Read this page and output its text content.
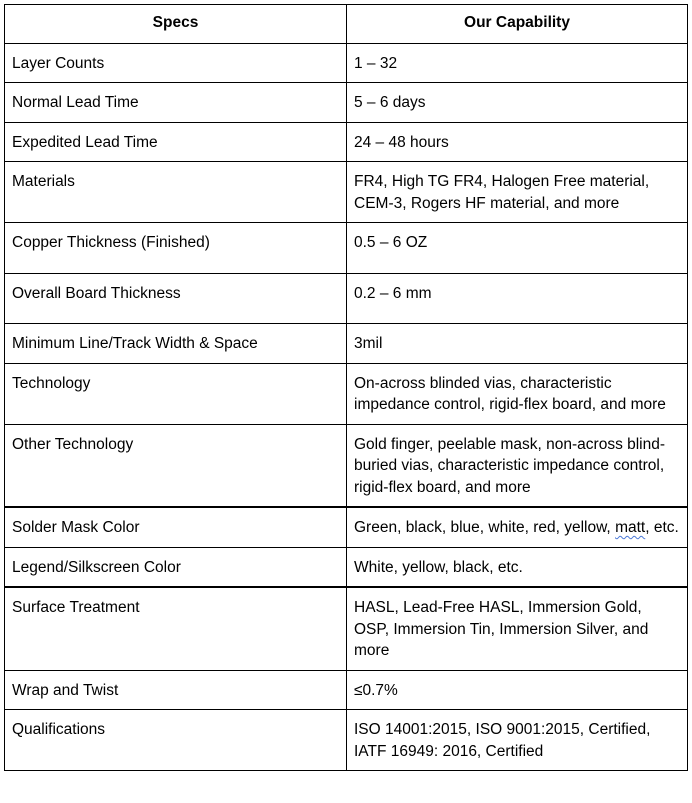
Specs	Our Capability
Layer Counts	1 – 32
Normal Lead Time	5 – 6 days
Expedited Lead Time	24 – 48 hours
Materials	FR4, High TG FR4, Halogen Free material, CEM-3, Rogers HF material, and more
Copper Thickness (Finished)	0.5 – 6 OZ
Overall Board Thickness	0.2 – 6 mm
Minimum Line/Track Width & Space	3mil
Technology	On-across blinded vias, characteristic impedance control, rigid-flex board, and more
Other Technology	Gold finger, peelable mask, non-across blind-buried vias, characteristic impedance control, rigid-flex board, and more
Solder Mask Color	Green, black, blue, white, red, yellow, matt, etc.
Legend/Silkscreen Color	White, yellow, black, etc.
Surface Treatment	HASL, Lead-Free HASL, Immersion Gold, OSP, Immersion Tin, Immersion Silver, and more
Wrap and Twist	≤0.7%
Qualifications	ISO 14001:2015, ISO 9001:2015, Certified, IATF 16949: 2016, Certified
